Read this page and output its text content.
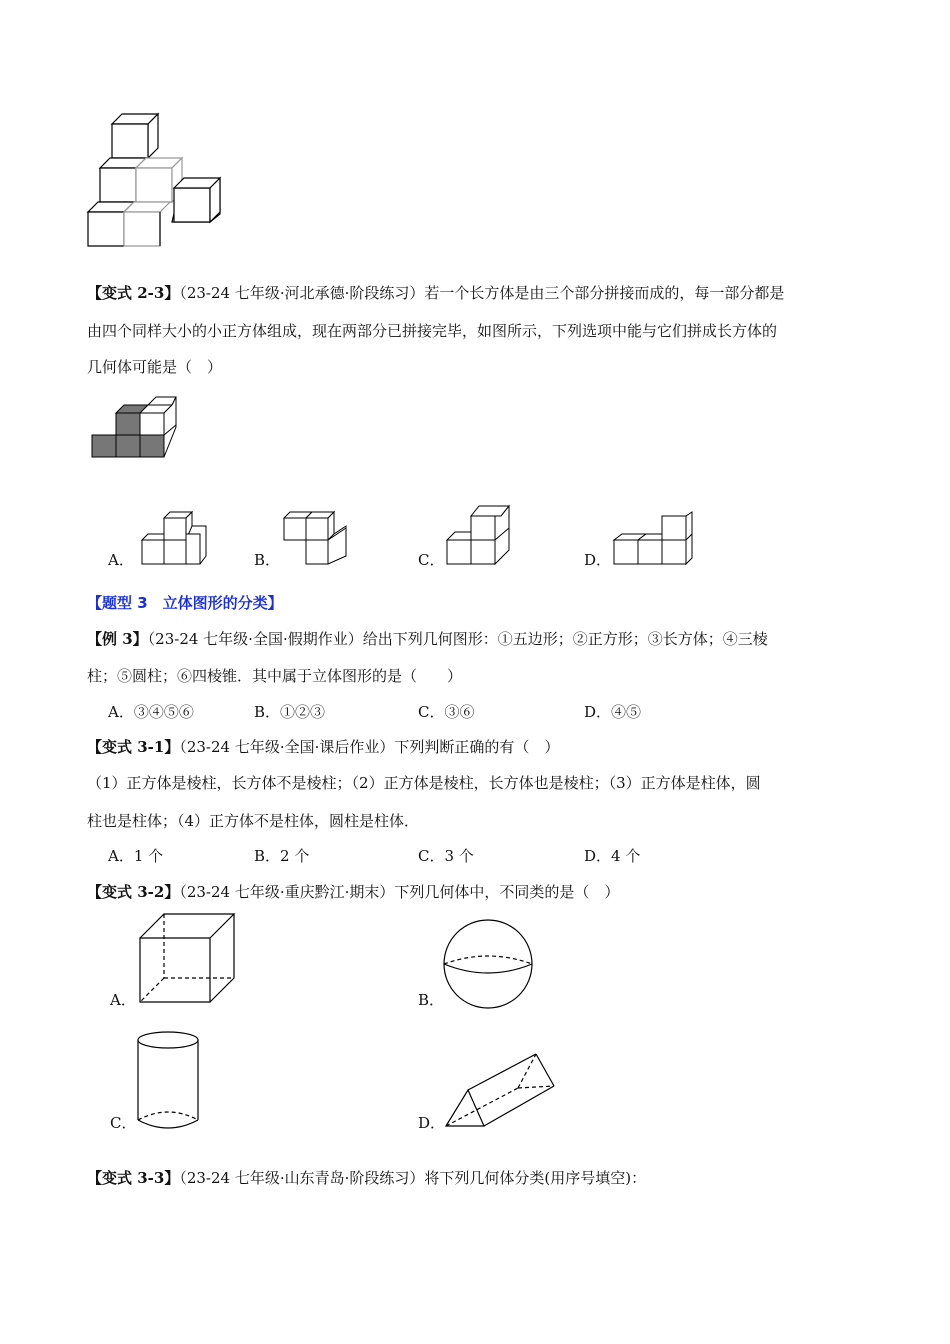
【变式 2-3】（23-24 七年级·河北承德·阶段练习）若一个长方体是由三个部分拼接而成的，每一部分都是
由四个同样大小的小正方体组成，现在两部分已拼接完毕，如图所示，下列选项中能与它们拼成长方体的
几何体可能是（　）
A．	B．	C．	D．
【题型 3　立体图形的分类】
【例 3】（23-24 七年级·全国·假期作业）给出下列几何图形：①五边形；②正方形；③长方体；④三棱
柱；⑤圆柱；⑥四棱锥．其中属于立体图形的是（　　）
A．③④⑤⑥	B．①②③	C．③⑥	D．④⑤
【变式 3-1】（23-24 七年级·全国·课后作业）下列判断正确的有（　）
（1）正方体是棱柱，长方体不是棱柱；（2）正方体是棱柱，长方体也是棱柱；（3）正方体是柱体，圆
柱也是柱体；（4）正方体不是柱体，圆柱是柱体．
A．1 个	B．2 个	C．3 个	D．4 个
【变式 3-2】（23-24 七年级·重庆黔江·期末）下列几何体中，不同类的是（　）
A．	B．
C．	D．
【变式 3-3】（23-24 七年级·山东青岛·阶段练习）将下列几何体分类(用序号填空)：
